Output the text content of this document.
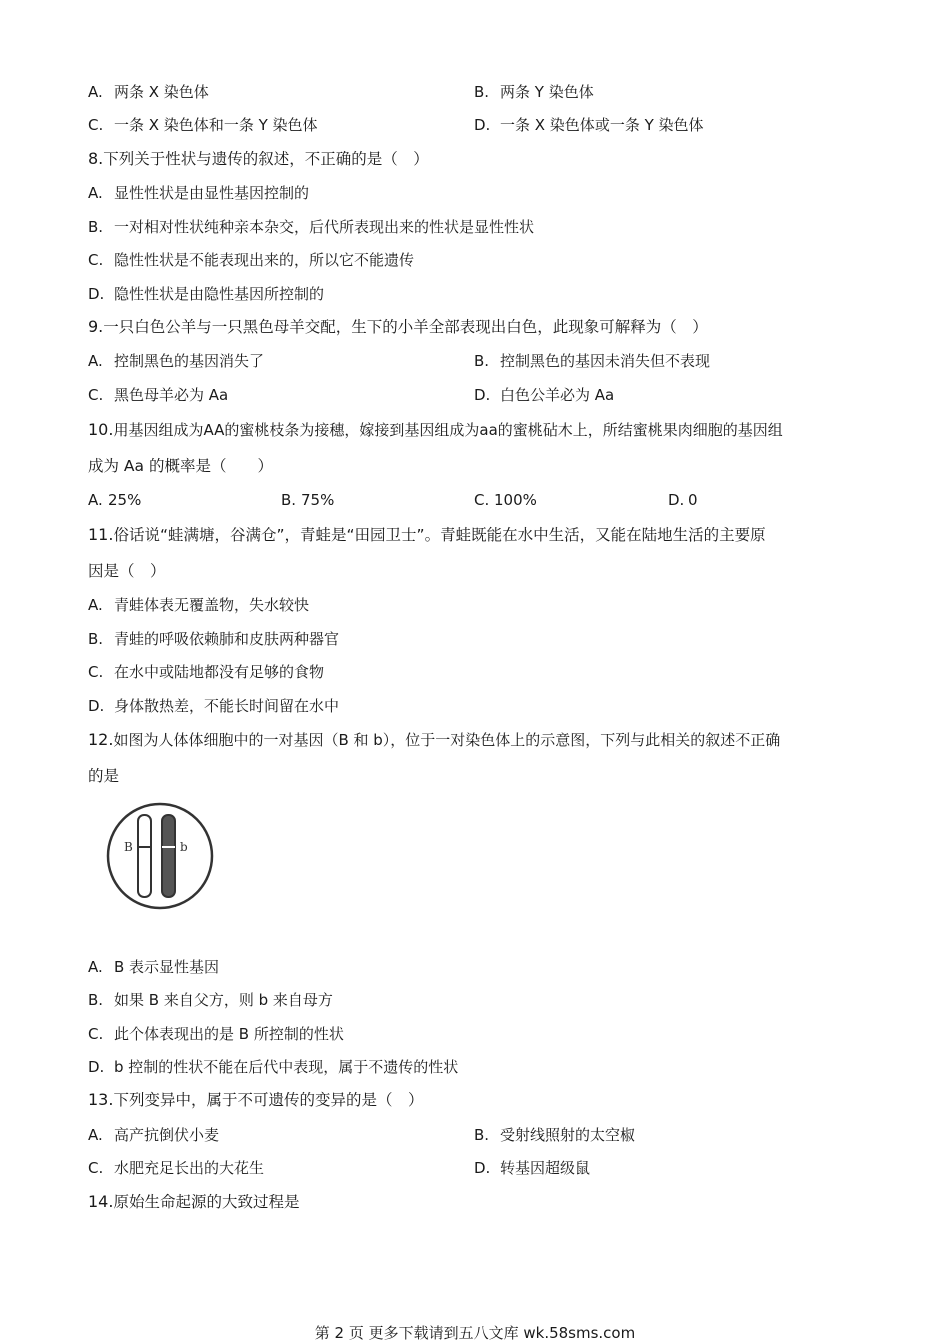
A. 两条 X 染色体	B. 两条 Y 染色体
C. 一条 X 染色体和一条 Y 染色体	D. 一条 X 染色体或一条 Y 染色体
8.下列关于性状与遗传的叙述，不正确的是（　）
A. 显性性状是由显性基因控制的
B. 一对相对性状纯种亲本杂交，后代所表现出来的性状是显性性状
C. 隐性性状是不能表现出来的，所以它不能遗传
D. 隐性性状是由隐性基因所控制的
9.一只白色公羊与一只黑色母羊交配，生下的小羊全部表现出白色，此现象可解释为（　）
A. 控制黑色的基因消失了	B. 控制黑色的基因未消失但不表现
C. 黑色母羊必为 Aa	D. 白色公羊必为 Aa
10.用基因组成为AA的蜜桃枝条为接穗，嫁接到基因组成为aa的蜜桃砧木上，所结蜜桃果肉细胞的基因组
成为 Aa 的概率是（　　）
A. 25%	B. 75%	C. 100%	D. 0
11.俗话说“蛙满塘，谷满仓”，青蛙是“田园卫士”。青蛙既能在水中生活，又能在陆地生活的主要原
因是（　）
A. 青蛙体表无覆盖物，失水较快
B. 青蛙的呼吸依赖肺和皮肤两种器官
C. 在水中或陆地都没有足够的食物
D. 身体散热差，不能长时间留在水中
12.如图为人体体细胞中的一对基因（B 和 b），位于一对染色体上的示意图，下列与此相关的叙述不正确
的是
B	b
A. B 表示显性基因
B. 如果 B 来自父方，则 b 来自母方
C. 此个体表现出的是 B 所控制的性状
D. b 控制的性状不能在后代中表现，属于不遗传的性状
13.下列变异中，属于不可遗传的变异的是（　）
A. 高产抗倒伏小麦	B. 受射线照射的太空椒
C. 水肥充足长出的大花生	D. 转基因超级鼠
14.原始生命起源的大致过程是
第 2 页 更多下载请到五八文库 wk.58sms.com
